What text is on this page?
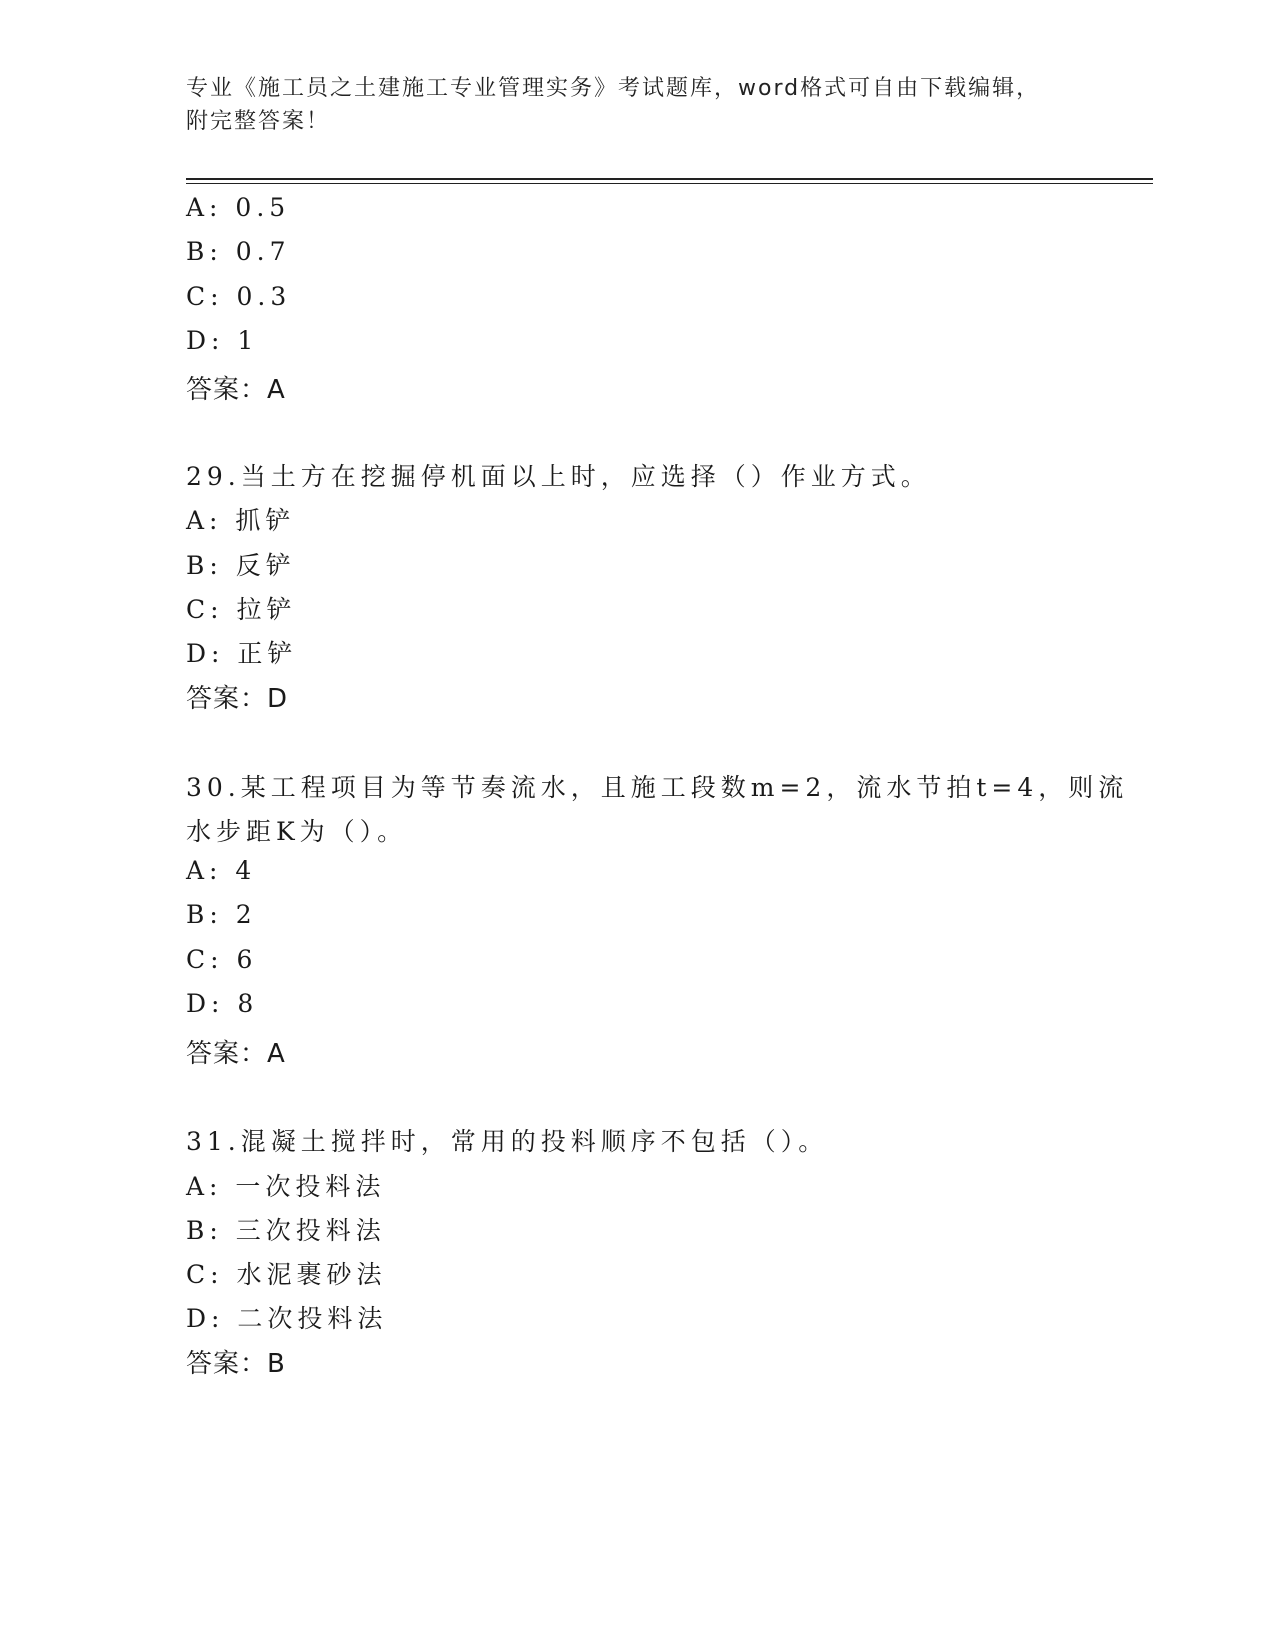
专业《施工员之土建施工专业管理实务》考试题库，word格式可自由下载编辑，
附完整答案！
A: 0.5
B: 0.7
C: 0.3
D: 1
答案：A
29.当土方在挖掘停机面以上时，应选择（）作业方式。
A: 抓铲
B: 反铲
C: 拉铲
D: 正铲
答案：D
30.某工程项目为等节奏流水，且施工段数m=2，流水节拍t=4，则流
水步距K为（）。
A: 4
B: 2
C: 6
D: 8
答案：A
31.混凝土搅拌时，常用的投料顺序不包括（）。
A: 一次投料法
B: 三次投料法
C: 水泥裹砂法
D: 二次投料法
答案：B
